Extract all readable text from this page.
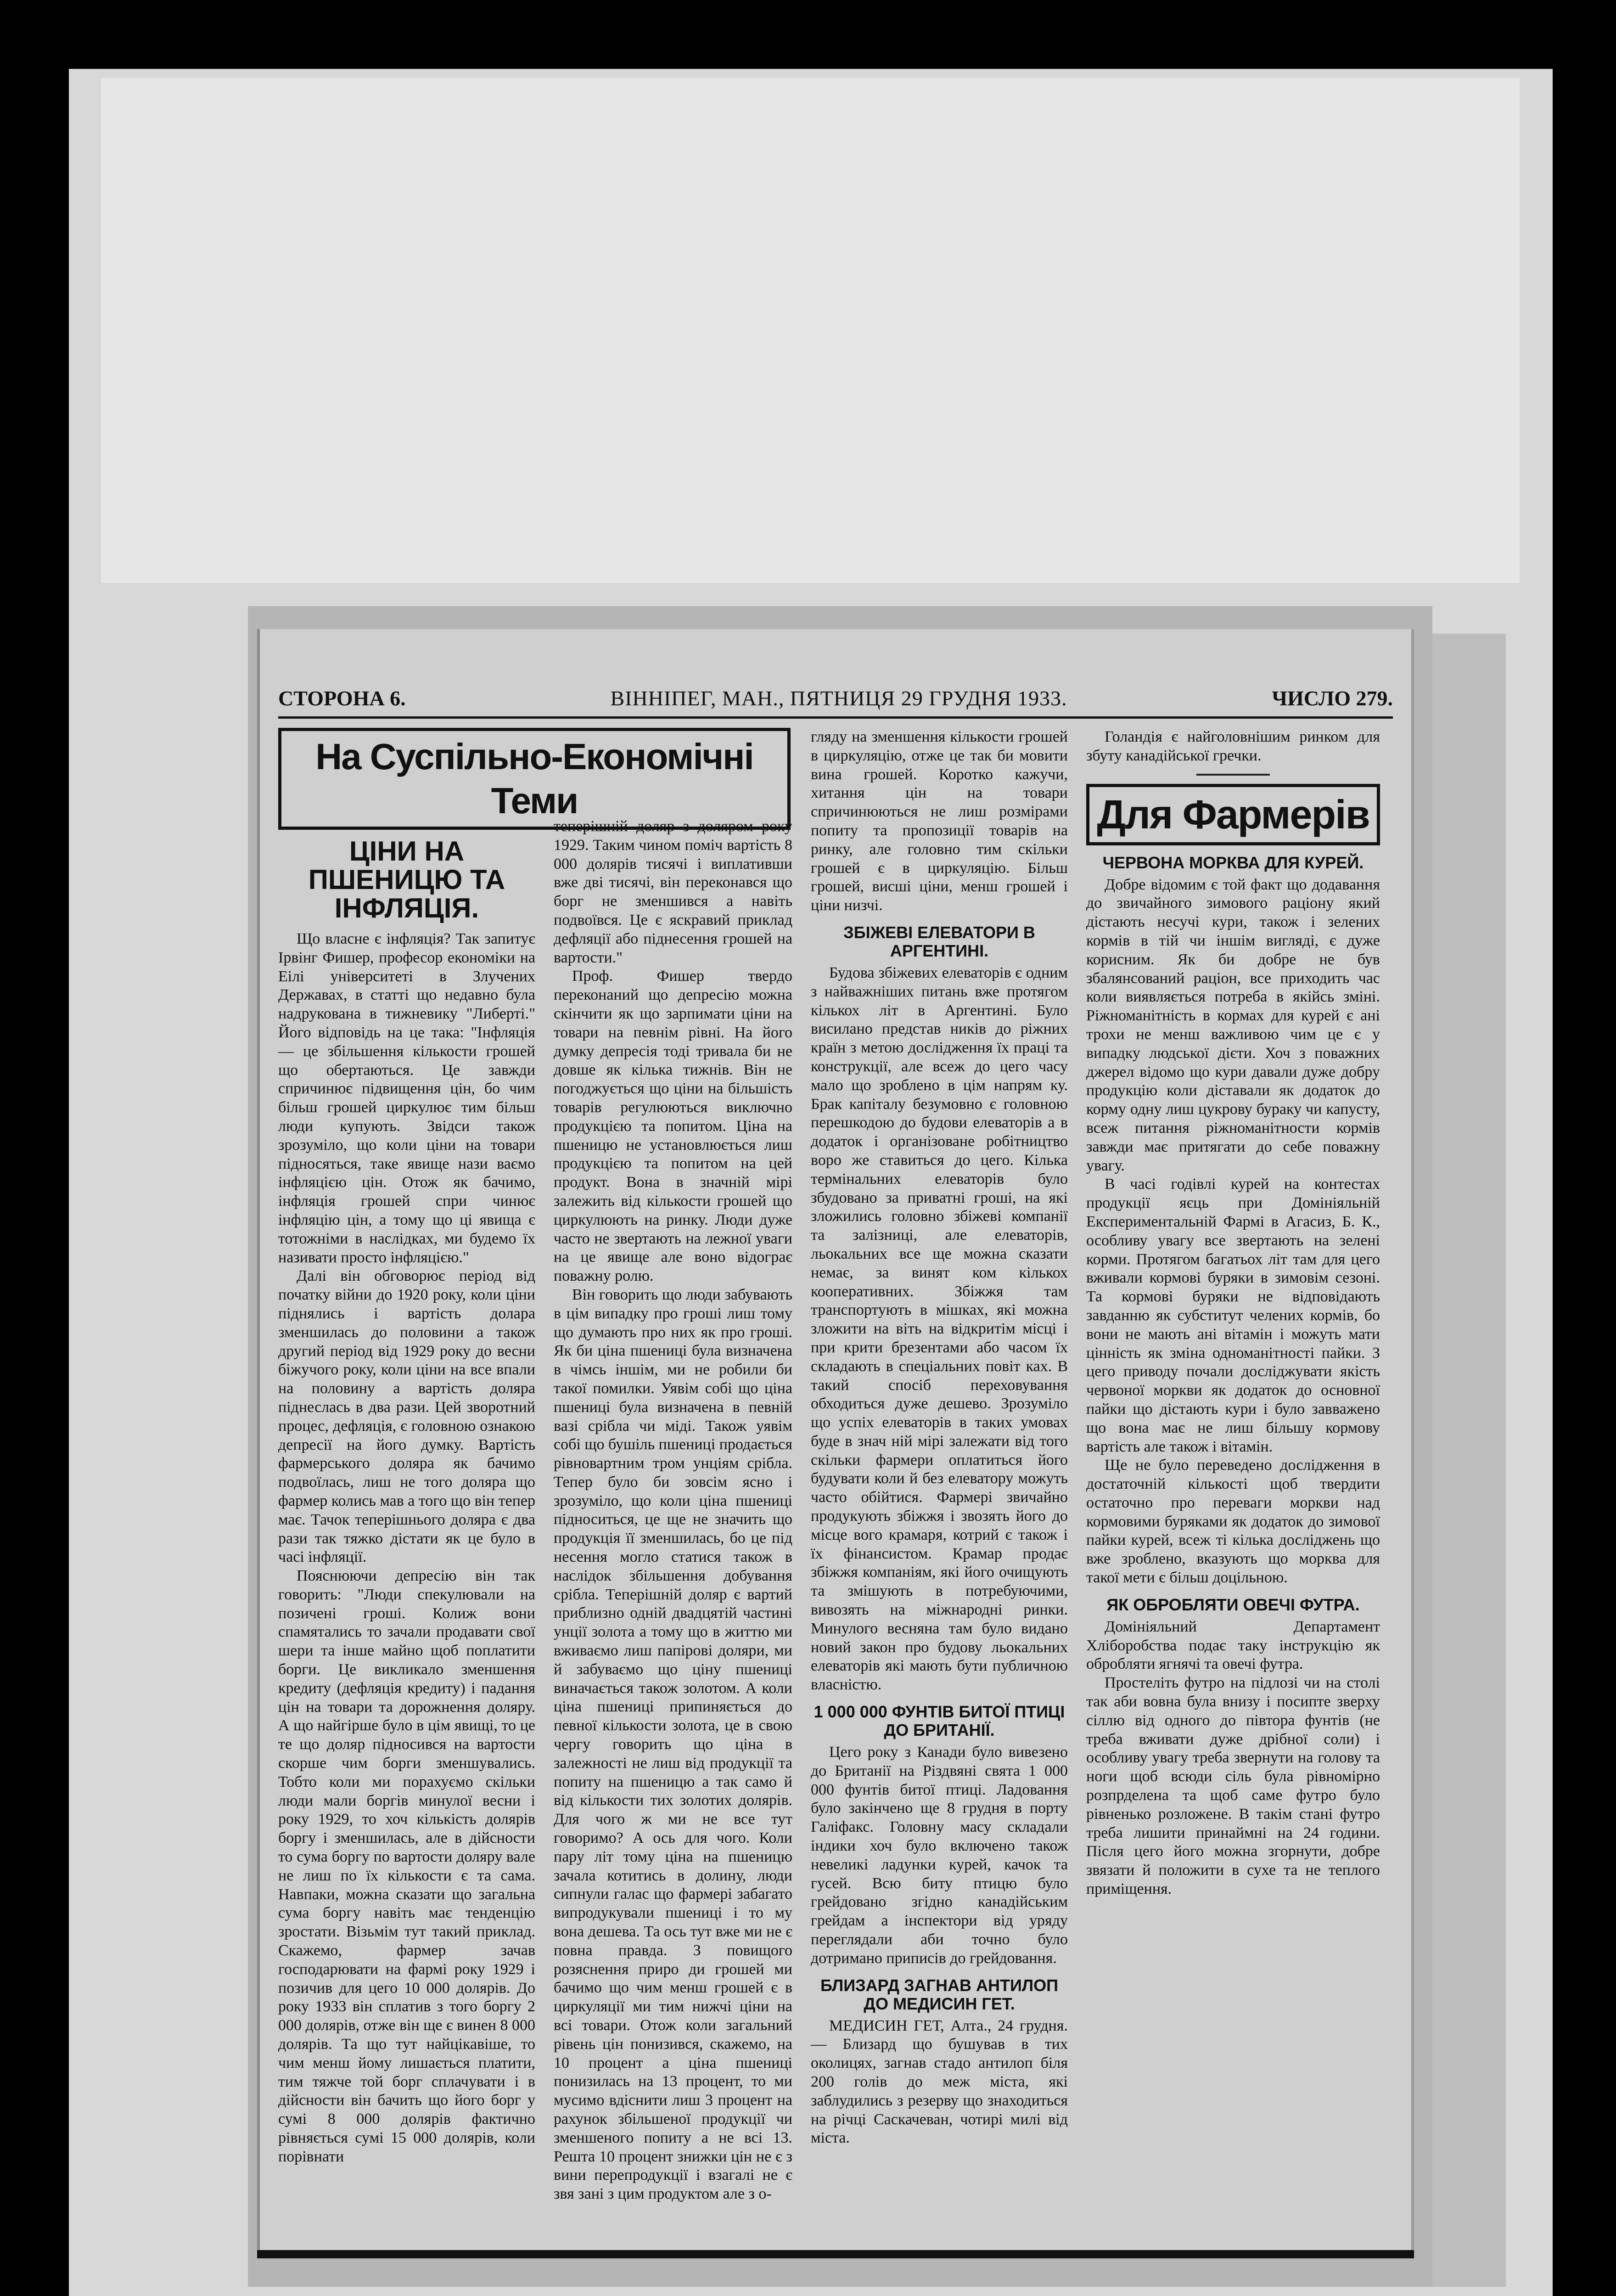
СТОРОНА 6.	ВІННІПЕГ, МАН., ПЯТНИЦЯ 29 ГРУДНЯ 1933.	ЧИСЛО 279.
На Суспільно-Економічні Теми
ЦІНИ НА ПШЕНИЦЮ ТА ІНФЛЯЦІЯ.

Що власне є інфляція? Так запитує Ірвінг Фишер, професор економіки на Еілі університеті в Злучених Державах, в статті що недавно була надрукована в тижневику "Либерті." Його відповідь на це така: "Інфляція — це збільшення кількости грошей що обертаються. Це завжди спричинює підвищення цін, бо чим більш грошей циркулює тим більш люди купують. Звідси також зрозуміло, що коли ціни на товари підносяться, таке явище нази ваємо інфляцією цін. Отож як бачимо, інфляція грошей спри чинює інфляцію цін, а тому що ці явища є тотожніми в наслідках, ми будемо їх називати просто інфляцією."

Далі він обговорює період від початку війни до 1920 року, коли ціни піднялись і вартість долара зменшилась до половини а також другий період від 1929 року до весни біжучого року, коли ціни на все впали на половину а вартість доляра піднеслась в два рази. Цей зворотний процес, дефляція, є головною ознакою депресії на його думку. Вартість фармерського доляра як бачимо подвоїлась, лиш не того доляра що фармер колись мав а того що він тепер має. Тачок теперішнього доляра є два рази так тяжко дістати як це було в часі інфляції.

Пояснюючи депресію він так говорить: "Люди спекулювали на позичені гроші. Колиж вони спамятались то зачали продавати свої шери та інше майно щоб поплатити борги. Це викликало зменшення кредиту (дефляція кредиту) і падання цін на товари та дорожнення доляру. А що найгірше було в цім явищі, то це те що доляр підносився на вартости скорше чим борги зменшувались. Тобто коли ми порахуємо скільки люди мали боргів минулої весни і року 1929, то хоч кількість долярів боргу і зменшилась, але в дійсности то сума боргу по вартости доляру вале не лиш по їх кількости є та сама. Навпаки, можна сказати що загальна сума боргу навіть має тенденцію зростати. Візьмім тут такий приклад. Скажемо, фармер зачав господарювати на фармі року 1929 і позичив для цего 10 000 долярів. До року 1933 він сплатив з того боргу 2 000 долярів, отже він ще є винен 8 000 долярів. Та що тут найцікавіше, то чим менш йому лишається платити, тим тяжче той борг сплачувати і в дійсности він бачить що його борг у сумі 8 000 долярів фактично рівняється сумі 15 000 долярів, коли порівнати

теперішній доляр з доляром року 1929. Таким чином поміч вартість 8 000 долярів тисячі і виплативши вже дві тисячі, він переконався що борг не зменшився а навіть подвоївся. Це є яскравий приклад дефляції або піднесення грошей на вартости."

Проф. Фишер твердо переконаний що депресію можна скінчити як що зарпимати ціни на товари на певнім рівні. На його думку депресія тоді тривала би не довше як кілька тижнів. Він не погоджується що ціни на більшість товарів регулюються виключно продукцією та попитом. Ціна на пшеницю не установлюється лиш продукцією та попитом на цей продукт. Вона в значній мірі залежить від кількости грошей що циркулюють на ринку. Люди дуже часто не звертають на лежної уваги на це явище але воно відограє поважну ролю.

Він говорить що люди забувають в цім випадку про гроші лиш тому що думають про них як про гроші. Як би ціна пшениці була визначена в чімсь іншім, ми не робили би такої помилки. Уявім собі що ціна пшениці була визначена в певній вазі срібла чи міді. Також уявім собі що бушіль пшениці продається рівновартним тром унціям срібла. Тепер було би зовсім ясно і зрозуміло, що коли ціна пшениці підноситься, це ще не значить що продукція її зменшилась, бо це під несення могло статися також в наслідок збільшення добування срібла. Теперішній доляр є вартий приблизно одній двадцятій частині унції золота а тому що в життю ми вживаємо лиш папірові доляри, ми й забуваємо що ціну пшениці виначається також золотом. А коли ціна пшениці припиняється до певної кількости золота, це в свою чергу говорить що ціна в залежності не лиш від продукції та попиту на пшеницю а так само й від кількости тих золотих долярів. Для чого ж ми не все тут говоримо? А ось для чого. Коли пару літ тому ціна на пшеницю зачала котитись в долину, люди сипнули галас що фармері забагато випродукували пшениці і то му вона дешева. Та ось тут вже ми не є повна правда. З повищого розяснення приро ди грошей ми бачимо що чим менш грошей є в циркуляції ми тим нижчі ціни на всі товари. Отож коли загальний рівень цін понизився, скажемо, на 10 процент а ціна пшениці понизилась на 13 процент, то ми мусимо вдіснити лиш 3 процент на рахунок збільшеної продукції чи зменшеного попиту а не всі 13. Решта 10 процент знижки цін не є з вини перепродукції і взагалі не є звя зані з цим продуктом але з о-

гляду на зменшення кількости грошей в циркуляцію, отже це так би мовити вина грошей. Коротко кажучи, хитання цін на товари спричинюються не лиш розмірами попиту та пропозиції товарів на ринку, але головно тим скільки грошей є в циркуляцію. Більш грошей, висші ціни, менш грошей і ціни низчі.

ЗБІЖЕВІ ЕЛЕВАТОРИ В АРГЕНТИНІ.

Будова збіжевих елеваторів є одним з найважніших питань вже протягом кількох літ в Аргентині. Було висилано представ ників до ріжних країн з метою дослідження їх праці та конструкції, але всеж до цего часу мало що зроблено в цім напрям ку. Брак капіталу безумовно є головною перешкодою до будови елеваторів а в додаток і організоване робітництво воро же ставиться до цего. Кілька термінальних елеваторів було збудовано за приватні гроші, на які зложились головно збіжеві компанії та залізниці, але елеваторів, льокальних все ще можна сказати немає, за винят ком кількох кооперативних. Збіжжя там транспортують в мішках, які можна зложити на віть на відкритім місці і при крити брезентами або часом їх складають в спеціальних повіт ках. В такий спосіб переховування обходиться дуже дешево. Зрозуміло що успіх елеваторів в таких умовах буде в знач ній мірі залежати від того скільки фармери оплатиться його будувати коли й без елеватору можуть часто обійтися. Фармері звичайно продукують збіжжя і звозять його до місце вого крамаря, котрий є також і їх фінансистом. Крамар продає збіжжя компаніям, які його очищують та змішують в потребуючими, вивозять на міжнародні ринки. Минулого весняна там було видано новий закон про будову льокальних елеваторів які мають бути публичною власністю.

1 000 000 ФУНТІВ БИТОЇ ПТИЦІ ДО БРИТАНІЇ.

Цего року з Канади було вивезено до Британії на Різдвяні свята 1 000 000 фунтів битої птиці. Ладовання було закінчено ще 8 грудня в порту Галіфакс. Головну масу складали індики хоч було включено також невеликі ладунки курей, качок та гусей. Всю биту птицю було грейдовано згідно канадійським грейдам а інспектори від уряду переглядали аби точно було дотримано приписів до грейдовання.

БЛИЗАРД ЗАГНАВ АНТИЛОП ДО МЕДИСИН ГЕТ.

МЕДИСИН ГЕТ, Алта., 24 грудня. — Близард що бушував в тих околицях, загнав стадо антилоп біля 200 голів до меж міста, які заблудились з резерву що знаходиться на річці Саскачеван, чотирі милі від міста.

Голандія є найголовнішим ринком для збуту канадійської гречки.

Для Фармерів
ЧЕРВОНА МОРКВА ДЛЯ КУРЕЙ.

Добре відомим є той факт що додавання до звичайного зимового раціону який дістають несучі кури, також і зелених кормів в тій чи іншім вигляді, є дуже корисним. Як би добре не був збалянсований раціон, все приходить час коли виявляється потреба в якійсь зміні. Ріжноманітність в кормах для курей є ані трохи не менш важливою чим це є у випадку людської дієти. Хоч з поважних джерел відомо що кури давали дуже добру продукцію коли діставали як додаток до корму одну лиш цукрову бураку чи капусту, всеж питання ріжноманітности кормів завжди має притягати до себе поважну увагу.

В часі годівлі курей на контестах продукції яєць при Домініяльній Експериментальній Фармі в Агасиз, Б. К., особливу увагу все звертають на зелені корми. Протягом багатьох літ там для цего вживали кормові буряки в зимовім сезоні. Та кормові буряки не відповідають завданню як субститут челених кормів, бо вони не мають ані вітамін і можуть мати цінність як зміна одноманітності пайки. З цего приводу почали досліджувати якість червоної моркви як додаток до основної пайки що дістають кури і було завважено що вона має не лиш більшу кормову вартість але також і вітамін.

Ще не було переведено дослідження в достаточній кількості щоб твердити остаточно про переваги моркви над кормовими буряками як додаток до зимової пайки курей, всеж ті кілька досліджень що вже зроблено, вказують що морква для такої мети є більш доцільною.

ЯК ОБРОБЛЯТИ ОВЕЧІ ФУТРА.

Домініяльний Департамент Хліборобства подає таку інструкцію як обробляти ягнячі та овечі футра.

Простеліть футро на підлозі чи на столі так аби вовна була внизу і посипте зверху сіллю від одного до півтора фунтів (не треба вживати дуже дрібної соли) і особливу увагу треба звернути на голову та ноги щоб всюди сіль була рівномірно розпрделена та щоб саме футро було рівненько розложене. В такім стані футро треба лишити принаймні на 24 години. Після цего його можна згорнути, добре звязати й положити в сухе та не теплого приміщення.
